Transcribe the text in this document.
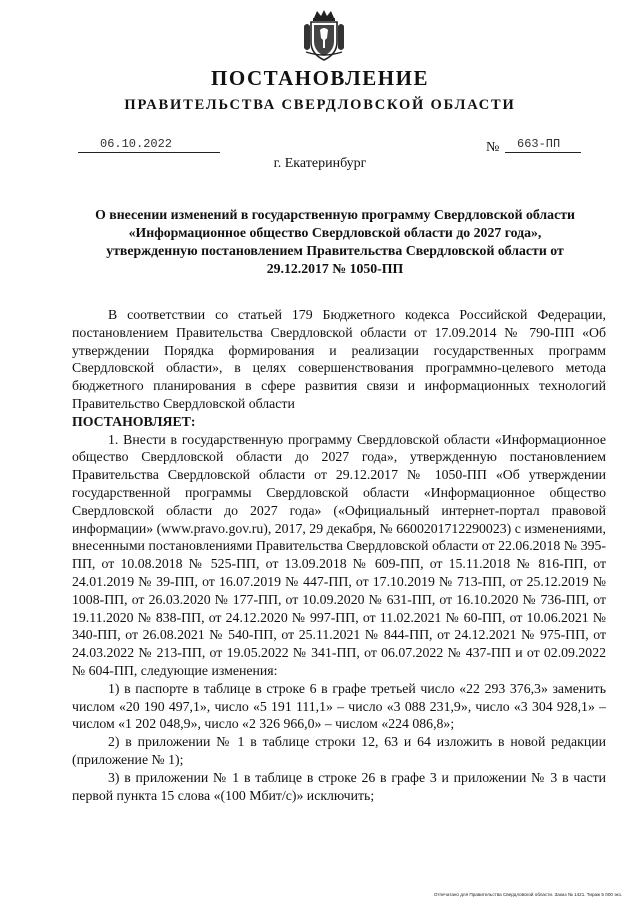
ПОСТАНОВЛЕНИЕ
ПРАВИТЕЛЬСТВА СВЕРДЛОВСКОЙ ОБЛАСТИ
06.10.2022	№	663-ПП
г. Екатеринбург
О внесении изменений в государственную программу Свердловской области «Информационное общество Свердловской области до 2027 года», утвержденную постановлением Правительства Свердловской области от 29.12.2017 № 1050-ПП

В соответствии со статьей 179 Бюджетного кодекса Российской Федерации, постановлением Правительства Свердловской области от 17.09.2014 № 790-ПП «Об утверждении Порядка формирования и реализации государственных программ Свердловской области», в целях совершенствования программно-целевого метода бюджетного планирования в сфере развития связи и информационных технологий Правительство Свердловской области

ПОСТАНОВЛЯЕТ:

1. Внести в государственную программу Свердловской области «Информационное общество Свердловской области до 2027 года», утвержденную постановлением Правительства Свердловской области от 29.12.2017 № 1050-ПП «Об утверждении государственной программы Свердловской области «Информационное общество Свердловской области до 2027 года» («Официальный интернет-портал правовой информации» (www.pravo.gov.ru), 2017, 29 декабря, № 6600201712290023) с изменениями, внесенными постановлениями Правительства Свердловской области от 22.06.2018 № 395-ПП, от 10.08.2018 № 525-ПП, от 13.09.2018 № 609-ПП, от 15.11.2018 № 816-ПП, от 24.01.2019 № 39-ПП, от 16.07.2019 № 447-ПП, от 17.10.2019 № 713-ПП, от 25.12.2019 № 1008-ПП, от 26.03.2020 № 177-ПП, от 10.09.2020 № 631-ПП, от 16.10.2020 № 736-ПП, от 19.11.2020 № 838-ПП, от 24.12.2020 № 997-ПП, от 11.02.2021 № 60-ПП, от 10.06.2021 № 340-ПП, от 26.08.2021 № 540-ПП, от 25.11.2021 № 844-ПП, от 24.12.2021 № 975-ПП, от 24.03.2022 № 213-ПП, от 19.05.2022 № 341-ПП, от 06.07.2022 № 437-ПП и от 02.09.2022 № 604-ПП, следующие изменения:

1) в паспорте в таблице в строке 6 в графе третьей число «22 293 376,3» заменить числом «20 190 497,1», число «5 191 111,1» – число «3 088 231,9», число «3 304 928,1» – числом «1 202 048,9», число «2 326 966,0» – числом «224 086,8»;

2) в приложении № 1 в таблице строки 12, 63 и 64 изложить в новой редакции (приложение № 1);

3) в приложении № 1 в таблице в строке 26 в графе 3 и приложении № 3 в части первой пункта 15 слова «(100 Мбит/с)» исключить;

Отпечатано для Правительства Свердловской области. Заказ № 1421. Тираж 5 000 экз.
